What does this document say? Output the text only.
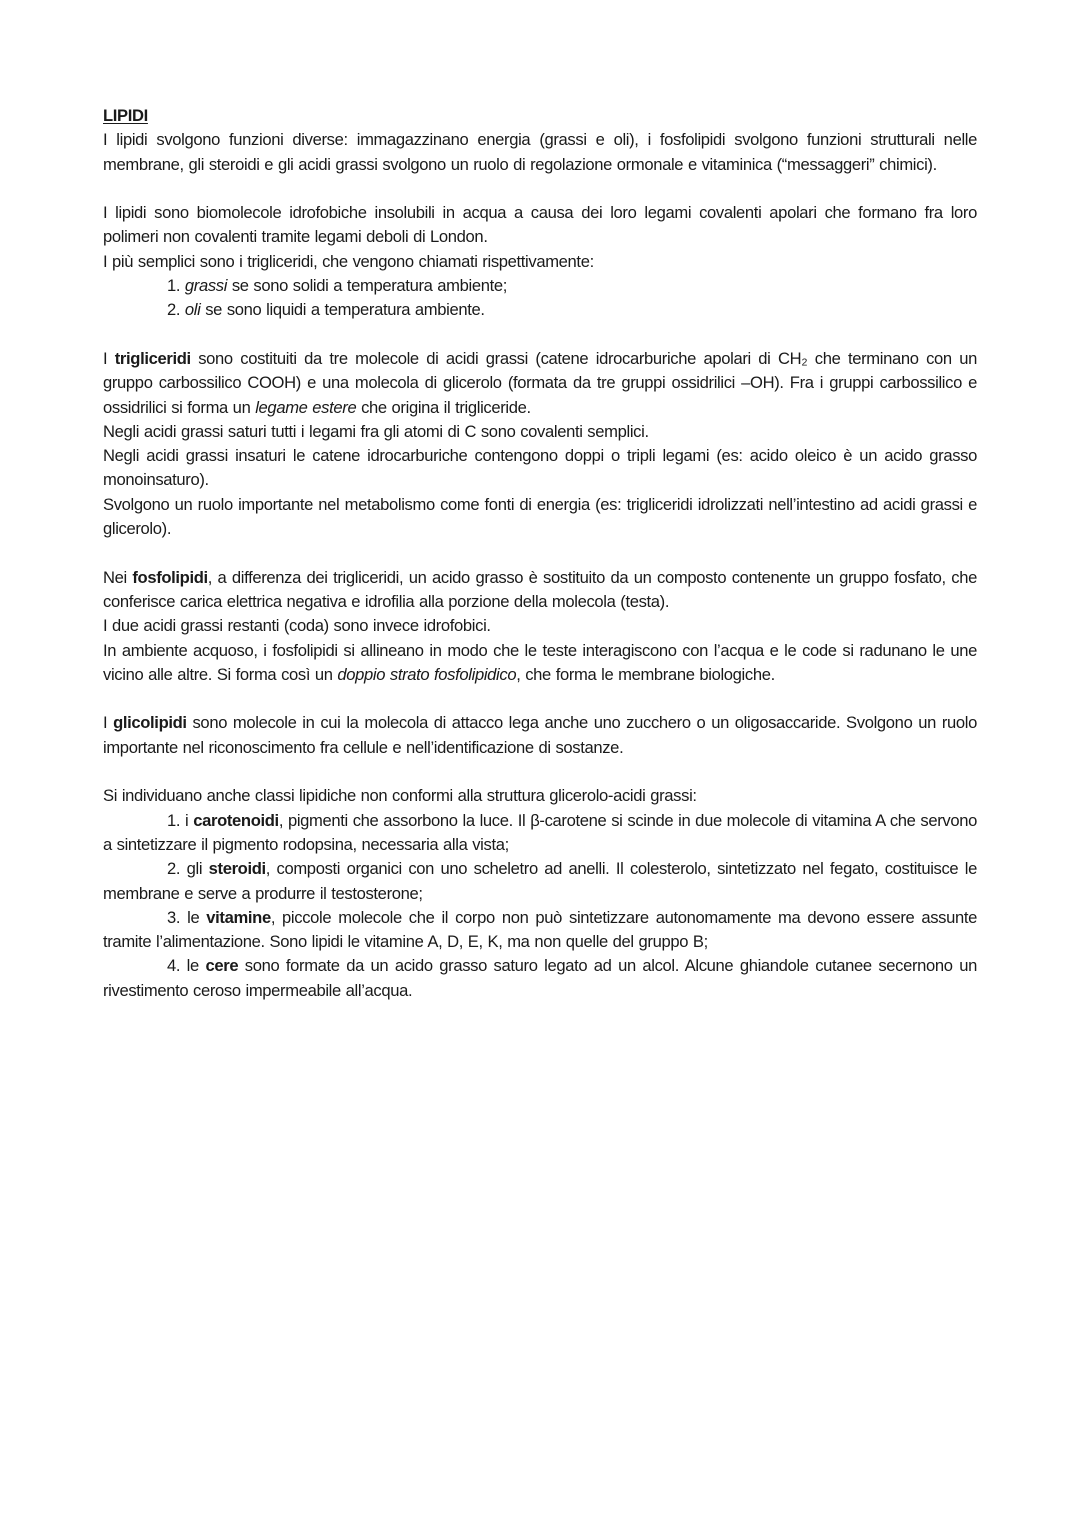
LIPIDI

I lipidi svolgono funzioni diverse: immagazzinano energia (grassi e oli), i fosfolipidi svolgono funzioni strutturali nelle membrane, gli steroidi e gli acidi grassi svolgono un ruolo di regolazione ormonale e vitaminica (“messaggeri” chimici).

I lipidi sono biomolecole idrofobiche insolubili in acqua a causa dei loro legami covalenti apolari che formano fra loro polimeri non covalenti tramite legami deboli di London.

I più semplici sono i trigliceridi, che vengono chiamati rispettivamente:

1. grassi se sono solidi a temperatura ambiente;
2. oli se sono liquidi a temperatura ambiente.

I trigliceridi sono costituiti da tre molecole di acidi grassi (catene idrocarburiche apolari di CH₂ che terminano con un gruppo carbossilico COOH) e una molecola di glicerolo (formata da tre gruppi ossidrilici –OH). Fra i gruppi carbossilico e ossidrilici si forma un legame estere che origina il trigliceride.

Negli acidi grassi saturi tutti i legami fra gli atomi di C sono covalenti semplici.

Negli acidi grassi insaturi le catene idrocarburiche contengono doppi o tripli legami (es: acido oleico è un acido grasso monoinsaturo).

Svolgono un ruolo importante nel metabolismo come fonti di energia (es: trigliceridi idrolizzati nell’intestino ad acidi grassi e glicerolo).

Nei fosfolipidi, a differenza dei trigliceridi, un acido grasso è sostituito da un composto contenente un gruppo fosfato, che conferisce carica elettrica negativa e idrofilia alla porzione della molecola (testa).

I due acidi grassi restanti (coda) sono invece idrofobici.

In ambiente acquoso, i fosfolipidi si allineano in modo che le teste interagiscono con l’acqua e le code si radunano le une vicino alle altre. Si forma così un doppio strato fosfolipidico, che forma le membrane biologiche.

I glicolipidi sono molecole in cui la molecola di attacco lega anche uno zucchero o un oligosaccaride. Svolgono un ruolo importante nel riconoscimento fra cellule e nell’identificazione di sostanze.

Si individuano anche classi lipidiche non conformi alla struttura glicerolo-acidi grassi:

1. i carotenoidi, pigmenti che assorbono la luce. Il β-carotene si scinde in due molecole di vitamina A che servono a sintetizzare il pigmento rodopsina, necessaria alla vista;

2. gli steroidi, composti organici con uno scheletro ad anelli. Il colesterolo, sintetizzato nel fegato, costituisce le membrane e serve a produrre il testosterone;

3. le vitamine, piccole molecole che il corpo non può sintetizzare autonomamente ma devono essere assunte tramite l’alimentazione. Sono lipidi le vitamine A, D, E, K, ma non quelle del gruppo B;

4. le cere sono formate da un acido grasso saturo legato ad un alcol. Alcune ghiandole cutanee secernono un rivestimento ceroso impermeabile all’acqua.
